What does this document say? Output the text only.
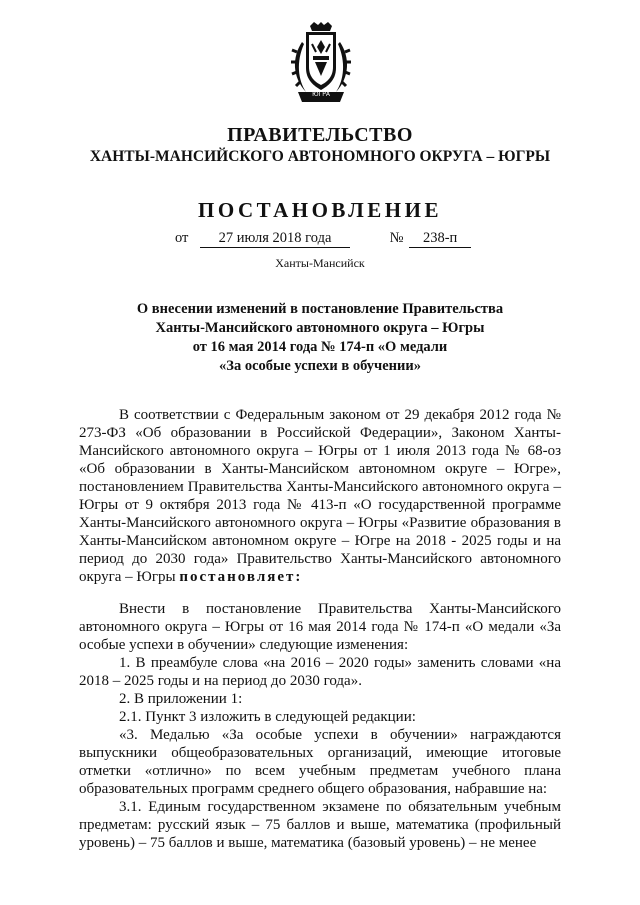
ЮГРА
ПРАВИТЕЛЬСТВО
ХАНТЫ-МАНСИЙСКОГО АВТОНОМНОГО ОКРУГА – ЮГРЫ
ПОСТАНОВЛЕНИЕ
от 27 июля 2018 года	№ 238-п
Ханты-Мансийск
О внесении изменений в постановление Правительства
Ханты-Мансийского автономного округа – Югры
от 16 мая 2014 года № 174-п «О медали
«За особые успехи в обучении»

В соответствии с Федеральным законом от 29 декабря 2012 года № 273-ФЗ «Об образовании в Российской Федерации», Законом Ханты-Мансийского автономного округа – Югры от 1 июля 2013 года № 68-оз «Об образовании в Ханты-Мансийском автономном округе – Югре», постановлением Правительства Ханты-Мансийского автономного округа – Югры от 9 октября 2013 года № 413-п «О государственной программе Ханты-Мансийского автономного округа – Югры «Развитие образования в Ханты-Мансийском автономном округе – Югре на 2018 - 2025 годы и на период до 2030 года» Правительство Ханты-Мансийского автономного округа – Югры постановляет:

Внести в постановление Правительства Ханты-Мансийского автономного округа – Югры от 16 мая 2014 года № 174-п «О медали «За особые успехи в обучении» следующие изменения:

1. В преамбуле слова «на 2016 – 2020 годы» заменить словами «на 2018 – 2025 годы и на период до 2030 года».

2. В приложении 1:

2.1. Пункт 3 изложить в следующей редакции:

«3. Медалью «За особые успехи в обучении» награждаются выпускники общеобразовательных организаций, имеющие итоговые отметки «отлично» по всем учебным предметам учебного плана образовательных программ среднего общего образования, набравшие на:

3.1. Единым государственном экзамене по обязательным учебным предметам: русский язык – 75 баллов и выше, математика (профильный уровень) – 75 баллов и выше, математика (базовый уровень) – не менее
